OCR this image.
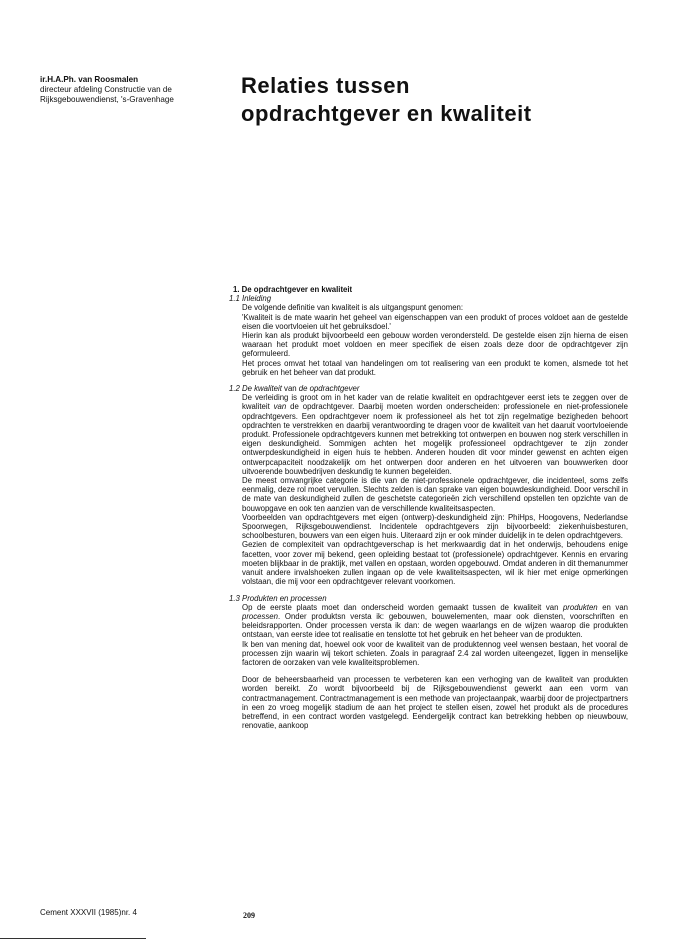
ir.H.A.Ph. van Roosmalen
directeur afdeling Constructie van de
Rijksgebouwendienst, 's-Gravenhage
Relaties tussen
opdrachtgever en kwaliteit

1. De opdrachtgever en kwaliteit

1.1 Inleiding

De volgende definitie van kwaliteit is als uitgangspunt genomen:

'Kwaliteit is de mate waarin het geheel van eigenschappen van een produkt of proces voldoet aan de gestelde eisen die voortvloeien uit het gebruiksdoel.'

Hierin kan als produkt bijvoorbeeld een gebouw worden verondersteld. De gestelde eisen zijn hierna de eisen waaraan het produkt moet voldoen en meer specifiek de eisen zoals deze door de opdrachtgever zijn geformuleerd.

Het proces omvat het totaal van handelingen om tot realisering van een produkt te komen, alsmede tot het gebruik en het beheer van dat produkt.

1.2 De kwaliteit van de opdrachtgever

De verleiding is groot om in het kader van de relatie kwaliteit en opdrachtgever eerst iets te zeggen over de kwaliteit van de opdrachtgever. Daarbij moeten worden onderscheiden: professionele en niet-professionele opdrachtgevers. Een opdrachtgever noem ik professioneel als het tot zijn regelmatige bezigheden behoort opdrachten te verstrekken en daarbij verantwoording te dragen voor de kwaliteit van het daaruit voortvloeiende produkt. Professionele opdrachtgevers kunnen met betrekking tot ontwerpen en bouwen nog sterk verschillen in eigen deskundigheid. Sommigen achten het mogelijk professioneel opdrachtgever te zijn zonder ontwerpdeskundigheid in eigen huis te hebben. Anderen houden dit voor minder gewenst en achten eigen ontwerpcapaciteit noodzakelijk om het ontwerpen door anderen en het uitvoeren van bouwwerken door uitvoerende bouwbedrijven deskundig te kunnen begeleiden.

De meest omvangrijke categorie is die van de niet-professionele opdrachtgever, die incidenteel, soms zelfs eenmalig, deze rol moet vervullen. Slechts zelden is dan sprake van eigen bouwdeskundigheid. Door verschil in de mate van deskundigheid zullen de geschetste categorieën zich verschillend opstellen ten opzichte van de bouwopgave en ook ten aanzien van de verschillende kwaliteitsaspecten.

Voorbeelden van opdrachtgevers met eigen (ontwerp)-deskundigheid zijn: PhiHps, Hoogovens, Nederlandse Spoorwegen, Rijksgebouwendienst. Incidentele opdrachtgevers zijn bijvoorbeeld: ziekenhuisbesturen, schoolbesturen, bouwers van een eigen huis. Uiteraard zijn er ook minder duidelijk in te delen opdrachtgevers.

Gezien de complexiteit van opdrachtgeverschap is het merkwaardig dat in het onderwijs, behoudens enige facetten, voor zover mij bekend, geen opleiding bestaat tot (professionele) opdrachtgever. Kennis en ervaring moeten blijkbaar in de praktijk, met vallen en opstaan, worden opgebouwd. Omdat anderen in dit themanummer vanuit andere invalshoeken zullen ingaan op de vele kwaliteitsaspecten, wil ik hier met enige opmerkingen volstaan, die mij voor een opdrachtgever relevant voorkomen.

1.3 Produkten en processen

Op de eerste plaats moet dan onderscheid worden gemaakt tussen de kwaliteit van produkten en van processen. Onder produktsn versta ik: gebouwen, bouwelementen, maar ook diensten, voorschriften en beleidsrapporten. Onder processen versta ik dan: de wegen waarlangs en de wijzen waarop die produkten ontstaan, van eerste idee tot realisatie en tenslotte tot het gebruik en het beheer van de produkten.

Ik ben van mening dat, hoewel ook voor de kwaliteit van de produktennog veel wensen bestaan, het vooral de processen zijn waarin wij tekort schieten. Zoals in paragraaf 2.4 zal worden uiteengezet, liggen in menselijke factoren de oorzaken van vele kwaliteitsproblemen.

Door de beheersbaarheid van processen te verbeteren kan een verhoging van de kwaliteit van produkten worden bereikt. Zo wordt bijvoorbeeld bij de Rijksgebouwendienst gewerkt aan een vorm van contractmanagement. Contractmanagement is een methode van projectaanpak, waarbij door de projectpartners in een zo vroeg mogelijk stadium de aan het project te stellen eisen, zowel het produkt als de procedures betreffend, in een contract worden vastgelegd. Eendergelijk contract kan betrekking hebben op nieuwbouw, renovatie, aankoop

Cement XXXVII (1985)nr. 4	209
